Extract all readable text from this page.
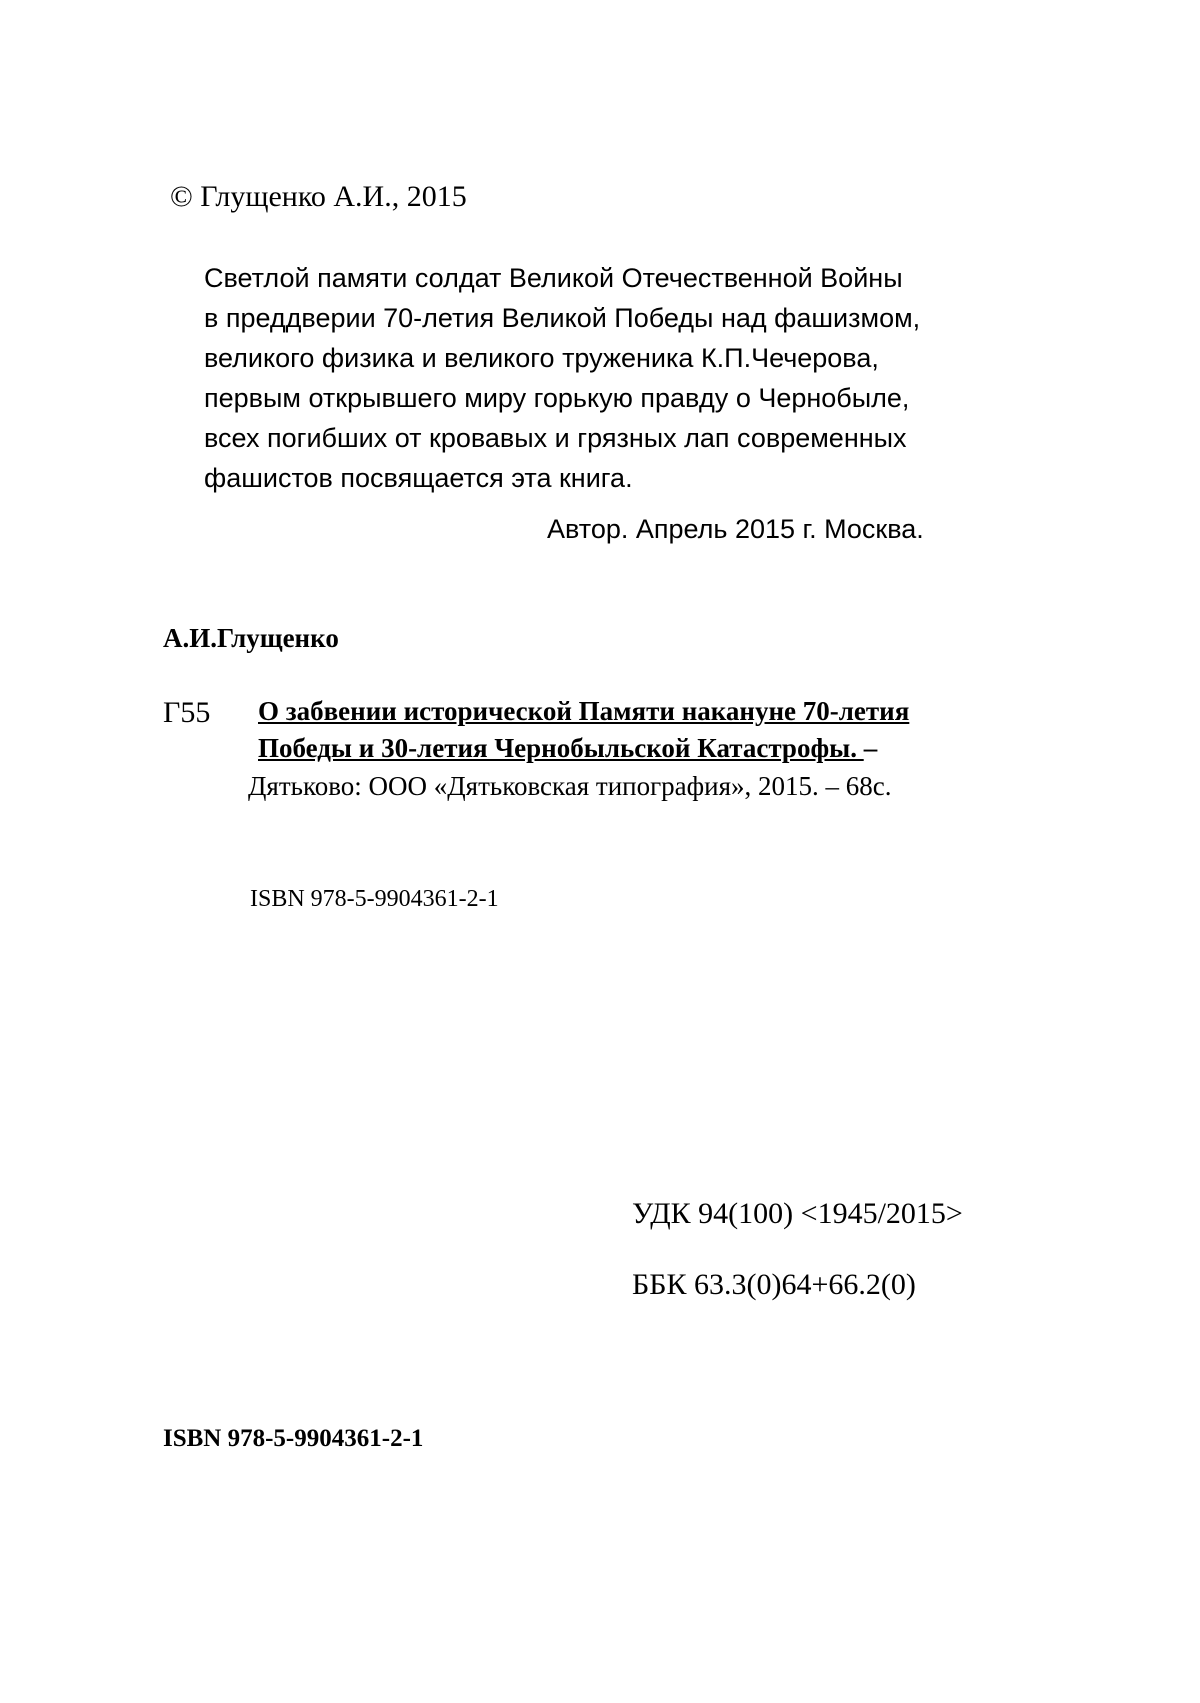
© Глущенко А.И., 2015
Светлой памяти солдат Великой Отечественной Войны
в преддверии 70-летия Великой Победы над фашизмом,
великого физика и великого труженика К.П.Чечерова,
первым открывшего миру горькую правду о Чернобыле,
всех погибших от кровавых и грязных лап современных
фашистов посвящается эта книга.
Автор. Апрель 2015 г. Москва.
А.И.Глущенко
Г55 О забвении исторической Памяти накануне 70-летия
Победы и 30-летия Чернобыльской Катастрофы. –
Дятьково: ООО «Дятьковская типография», 2015. – 68с.
ISBN 978-5-9904361-2-1
УДК 94(100) <1945/2015>
ББК 63.3(0)64+66.2(0)
ISBN 978-5-9904361-2-1
